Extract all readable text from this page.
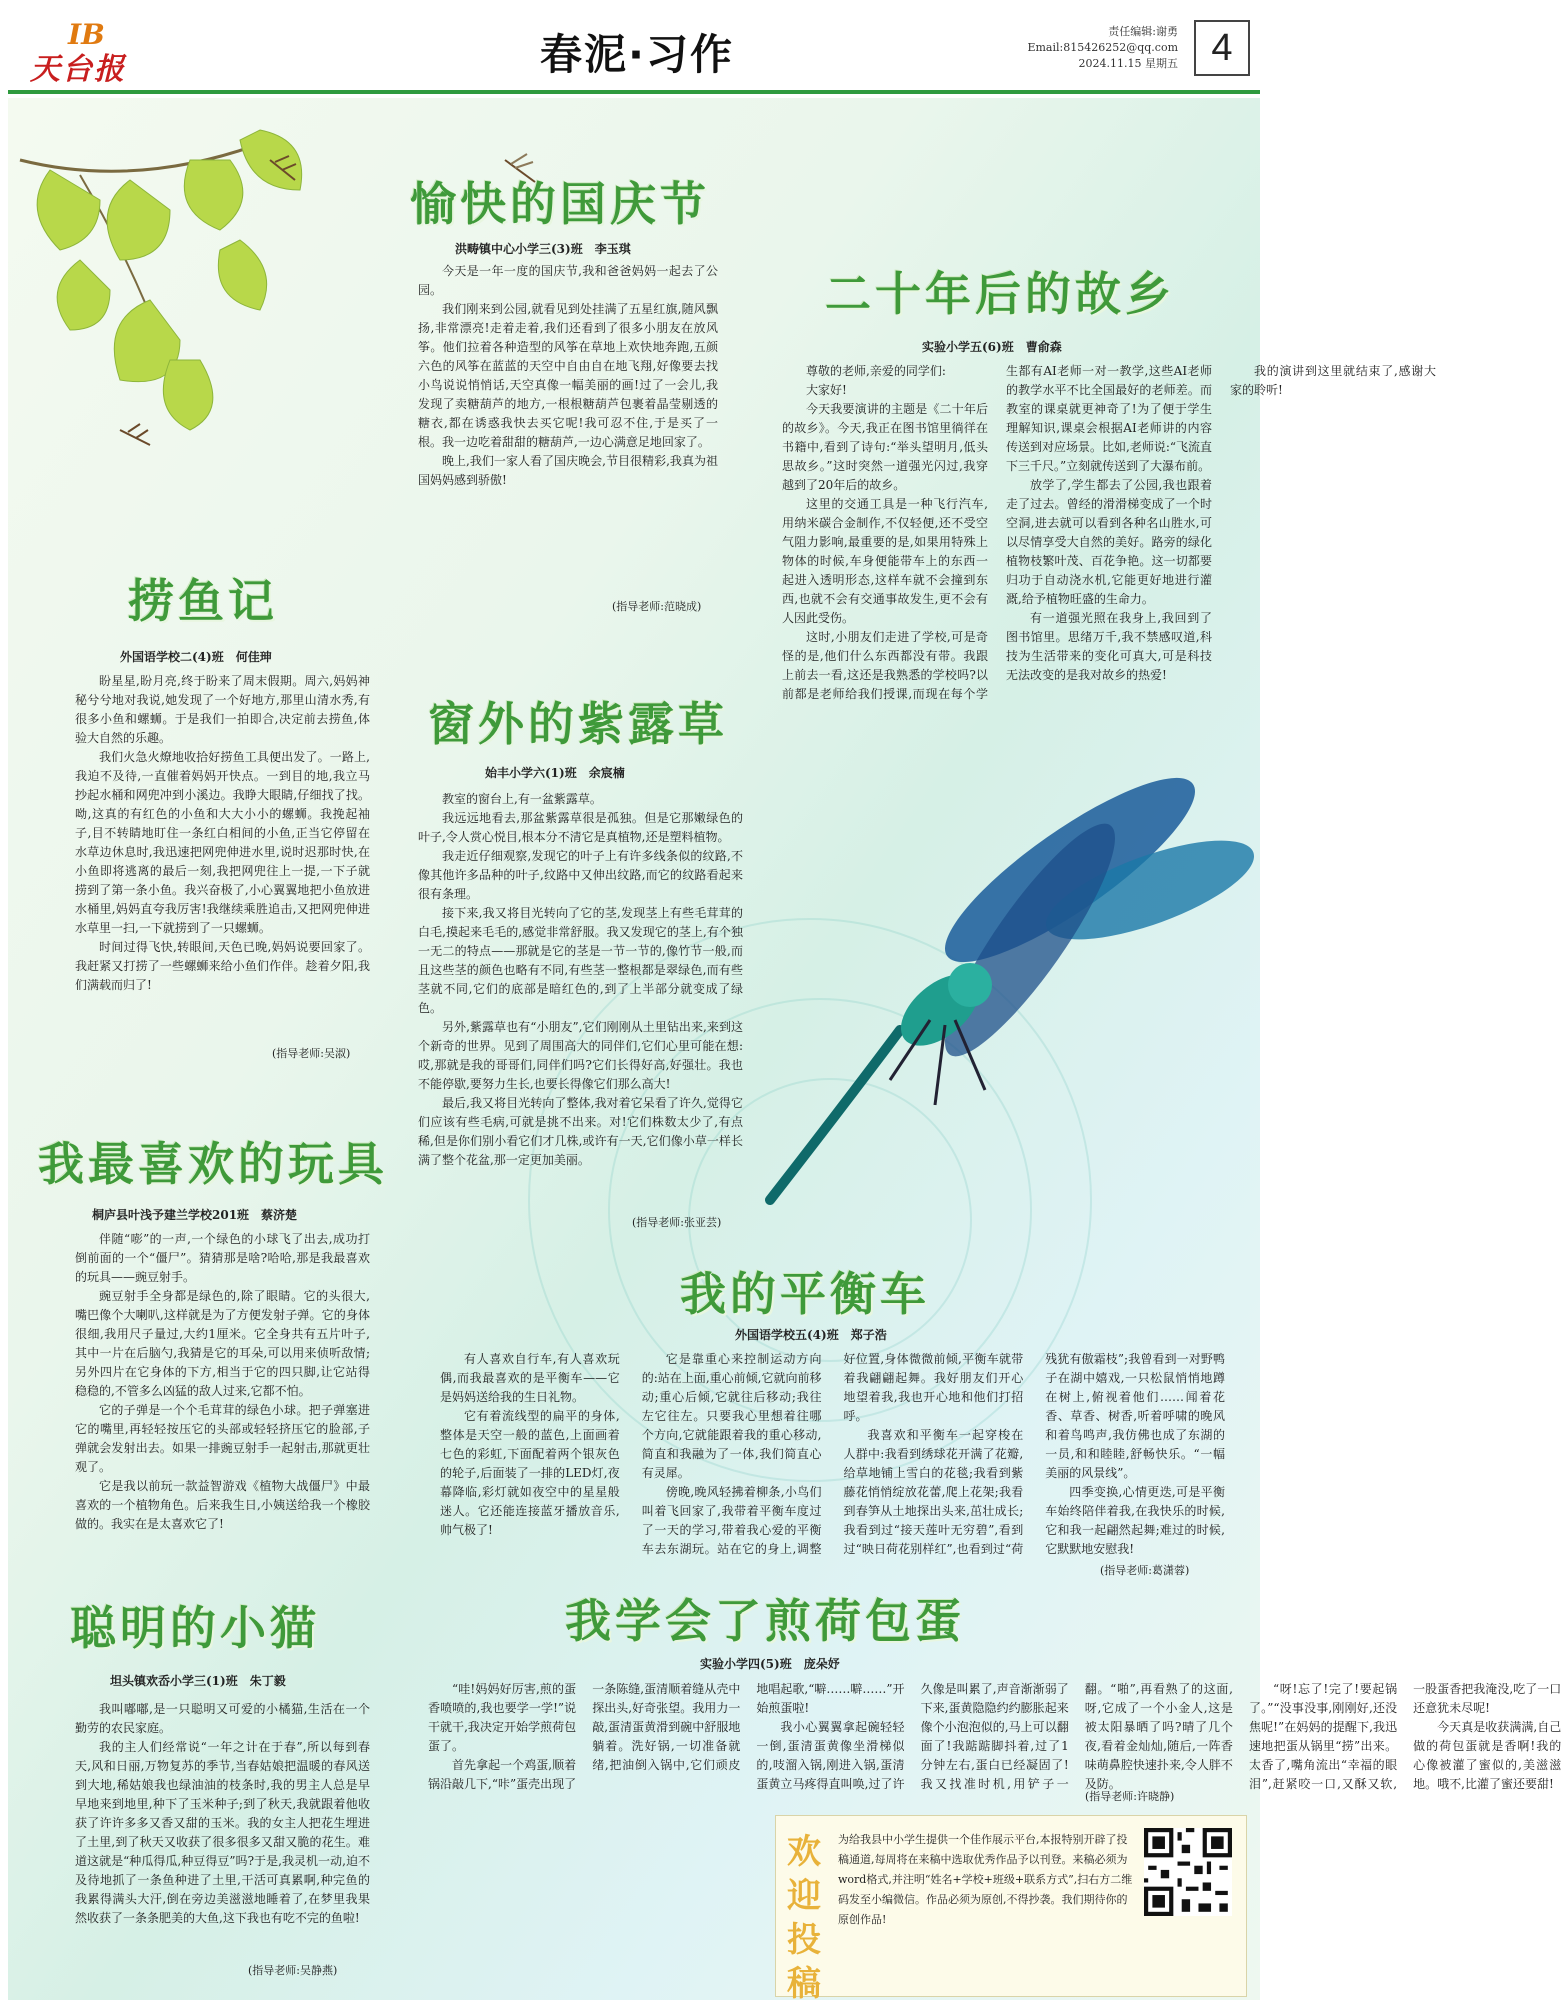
IB
天台报	春泥·习作	责任编辑:谢勇
Email:815426252@qq.com
2024.11.15 星期五 4
愉快的国庆节
洪畴镇中心小学三(3)班　李玉琪

今天是一年一度的国庆节,我和爸爸妈妈一起去了公园。

我们刚来到公园,就看见到处挂满了五星红旗,随风飘扬,非常漂亮!走着走着,我们还看到了很多小朋友在放风筝。他们拉着各种造型的风筝在草地上欢快地奔跑,五颜六色的风筝在蓝蓝的天空中自由自在地飞翔,好像要去找小鸟说说悄悄话,天空真像一幅美丽的画!过了一会儿,我发现了卖糖葫芦的地方,一根根糖葫芦包裹着晶莹剔透的糖衣,都在诱惑我快去买它呢!我可忍不住,于是买了一根。我一边吃着甜甜的糖葫芦,一边心满意足地回家了。

晚上,我们一家人看了国庆晚会,节目很精彩,我真为祖国妈妈感到骄傲!

(指导老师:范晓成)
二十年后的故乡
实验小学五(6)班　曹俞森

尊敬的老师,亲爱的同学们:

大家好!

今天我要演讲的主题是《二十年后的故乡》。今天,我正在图书馆里徜徉在书籍中,看到了诗句:“举头望明月,低头思故乡。”这时突然一道强光闪过,我穿越到了20年后的故乡。

这里的交通工具是一种飞行汽车,用纳米碳合金制作,不仅轻便,还不受空气阻力影响,最重要的是,如果用特殊上物体的时候,车身便能带车上的东西一起进入透明形态,这样车就不会撞到东西,也就不会有交通事故发生,更不会有人因此受伤。

这时,小朋友们走进了学校,可是奇怪的是,他们什么东西都没有带。我跟上前去一看,这还是我熟悉的学校吗?以前都是老师给我们授课,而现在每个学生都有AI老师一对一教学,这些AI老师的教学水平不比全国最好的老师差。而教室的课桌就更神奇了!为了便于学生理解知识,课桌会根据AI老师讲的内容传送到对应场景。比如,老师说:“飞流直下三千尺。”立刻就传送到了大瀑布前。

放学了,学生都去了公园,我也跟着走了过去。曾经的滑滑梯变成了一个时空洞,进去就可以看到各种名山胜水,可以尽情享受大自然的美好。路旁的绿化植物枝繁叶茂、百花争艳。这一切都要归功于自动浇水机,它能更好地进行灌溉,给予植物旺盛的生命力。

有一道强光照在我身上,我回到了图书馆里。思绪万千,我不禁感叹道,科技为生活带来的变化可真大,可是科技无法改变的是我对故乡的热爱!

我的演讲到这里就结束了,感谢大家的聆听!

捞鱼记
外国语学校二(4)班　何佳珅

盼星星,盼月亮,终于盼来了周末假期。周六,妈妈神秘兮兮地对我说,她发现了一个好地方,那里山清水秀,有很多小鱼和螺蛳。于是我们一拍即合,决定前去捞鱼,体验大自然的乐趣。

我们火急火燎地收拾好捞鱼工具便出发了。一路上,我迫不及待,一直催着妈妈开快点。一到目的地,我立马抄起水桶和网兜冲到小溪边。我睁大眼睛,仔细找了找。呦,这真的有红色的小鱼和大大小小的螺蛳。我挽起袖子,目不转睛地盯住一条红白相间的小鱼,正当它停留在水草边休息时,我迅速把网兜伸进水里,说时迟那时快,在小鱼即将逃离的最后一刻,我把网兜往上一提,一下子就捞到了第一条小鱼。我兴奋极了,小心翼翼地把小鱼放进水桶里,妈妈直夸我厉害!我继续乘胜追击,又把网兜伸进水草里一扫,一下就捞到了一只螺蛳。

时间过得飞快,转眼间,天色已晚,妈妈说要回家了。我赶紧又打捞了一些螺蛳来给小鱼们作伴。趁着夕阳,我们满载而归了!

(指导老师:吴淑)
窗外的紫露草
始丰小学六(1)班　余宸楠

教室的窗台上,有一盆紫露草。

我远远地看去,那盆紫露草很是孤独。但是它那嫩绿色的叶子,令人赏心悦目,根本分不清它是真植物,还是塑料植物。

我走近仔细观察,发现它的叶子上有许多线条似的纹路,不像其他许多品种的叶子,纹路中又伸出纹路,而它的纹路看起来很有条理。

接下来,我又将目光转向了它的茎,发现茎上有些毛茸茸的白毛,摸起来毛毛的,感觉非常舒服。我又发现它的茎上,有个独一无二的特点——那就是它的茎是一节一节的,像竹节一般,而且这些茎的颜色也略有不同,有些茎一整根都是翠绿色,而有些茎就不同,它们的底部是暗红色的,到了上半部分就变成了绿色。

另外,紫露草也有“小朋友”,它们刚刚从土里钻出来,来到这个新奇的世界。见到了周围高大的同伴们,它们心里可能在想:哎,那就是我的哥哥们,同伴们吗?它们长得好高,好强壮。我也不能停歇,要努力生长,也要长得像它们那么高大!

最后,我又将目光转向了整体,我对着它呆看了许久,觉得它们应该有些毛病,可就是挑不出来。对!它们株数太少了,有点稀,但是你们别小看它们才几株,或许有一天,它们像小草一样长满了整个花盆,那一定更加美丽。

(指导老师:张亚芸)
我最喜欢的玩具
桐庐县叶浅予建兰学校201班　蔡济楚

伴随“嘭”的一声,一个绿色的小球飞了出去,成功打倒前面的一个“僵尸”。猜猜那是啥?哈哈,那是我最喜欢的玩具——豌豆射手。

豌豆射手全身都是绿色的,除了眼睛。它的头很大,嘴巴像个大喇叭,这样就是为了方便发射子弹。它的身体很细,我用尺子量过,大约1厘米。它全身共有五片叶子,其中一片在后脑勺,我猜是它的耳朵,可以用来侦听敌情;另外四片在它身体的下方,相当于它的四只脚,让它站得稳稳的,不管多么凶猛的敌人过来,它都不怕。

它的子弹是一个个毛茸茸的绿色小球。把子弹塞进它的嘴里,再轻轻按压它的头部或轻轻挤压它的脸部,子弹就会发射出去。如果一排豌豆射手一起射击,那就更壮观了。

它是我以前玩一款益智游戏《植物大战僵尸》中最喜欢的一个植物角色。后来我生日,小姨送给我一个橡胶做的。我实在是太喜欢它了!

我的平衡车
外国语学校五(4)班　郑子浩

有人喜欢自行车,有人喜欢玩偶,而我最喜欢的是平衡车——它是妈妈送给我的生日礼物。

它有着流线型的扁平的身体,整体是天空一般的蓝色,上面画着七色的彩虹,下面配着两个银灰色的轮子,后面装了一排的LED灯,夜幕降临,彩灯就如夜空中的星星般迷人。它还能连接蓝牙播放音乐,帅气极了!

它是靠重心来控制运动方向的:站在上面,重心前倾,它就向前移动;重心后倾,它就往后移动;我往左它往左。只要我心里想着往哪个方向,它就能跟着我的重心移动,简直和我融为了一体,我们简直心有灵犀。

傍晚,晚风轻拂着柳条,小鸟们叫着飞回家了,我带着平衡车度过了一天的学习,带着我心爱的平衡车去东湖玩。站在它的身上,调整好位置,身体微微前倾,平衡车就带着我翩翩起舞。我好朋友们开心地望着我,我也开心地和他们打招呼。

我喜欢和平衡车一起穿梭在人群中:我看到绣球花开满了花瓣,给草地铺上雪白的花毯;我看到紫藤花悄悄绽放花蕾,爬上花架;我看到春笋从土地探出头来,茁壮成长;我看到过“接天莲叶无穷碧”,看到过“映日荷花别样红”,也看到过“荷残犹有傲霜枝”;我曾看到一对野鸭子在湖中嬉戏,一只松鼠悄悄地蹲在树上,俯视着他们……闻着花香、草香、树香,听着呼啸的晚风和着鸟鸣声,我仿佛也成了东湖的一员,和和睦睦,舒畅快乐。“一幅美丽的风景线”。

四季变换,心情更迭,可是平衡车始终陪伴着我,在我快乐的时候,它和我一起翩然起舞;难过的时候,它默默地安慰我!

(指导老师:葛潇蓉)
聪明的小猫
坦头镇欢岙小学三(1)班　朱丁毅

我叫嘟嘟,是一只聪明又可爱的小橘猫,生活在一个勤劳的农民家庭。

我的主人们经常说“一年之计在于春”,所以每到春天,风和日丽,万物复苏的季节,当春姑娘把温暖的春风送到大地,稀姑娘我也绿油油的枝条时,我的男主人总是早早地来到地里,种下了玉米种子;到了秋天,我就跟着他收获了许许多多又香又甜的玉米。我的女主人把花生埋进了土里,到了秋天又收获了很多很多又甜又脆的花生。难道这就是“种瓜得瓜,种豆得豆”吗?于是,我灵机一动,迫不及待地抓了一条鱼种进了土里,干活可真累啊,种完鱼的我累得满头大汗,倒在旁边美滋滋地睡着了,在梦里我果然收获了一条条肥美的大鱼,这下我也有吃不完的鱼啦!

(指导老师:吴静燕)
我学会了煎荷包蛋
实验小学四(5)班　庞朵妤

“哇!妈妈好厉害,煎的蛋香喷喷的,我也要学一学!”说干就干,我决定开始学煎荷包蛋了。

首先拿起一个鸡蛋,顺着锅沿敲几下,“咔”蛋壳出现了一条陈缝,蛋清顺着缝从壳中探出头,好奇张望。我用力一敲,蛋清蛋黄滑到碗中舒服地躺着。洗好锅,一切准备就绪,把油倒入锅中,它们顽皮地唱起歌,“噼……噼……”开始煎蛋啦!

我小心翼翼拿起碗轻轻一倒,蛋清蛋黄像坐滑梯似的,吱溜入锅,刚进入锅,蛋清蛋黄立马疼得直叫唤,过了许久像是叫累了,声音渐渐弱了下来,蛋黄隐隐约约膨胀起来像个小泡泡似的,马上可以翻面了!我踮踮脚抖着,过了1分钟左右,蛋白已经凝固了!我又找准时机,用铲子一翻。“啪”,再看熟了的这面,呀,它成了一个小金人,这是被太阳暴晒了吗?晴了几个夜,看着金灿灿,随后,一阵香味萌鼻腔快速扑来,令人胖不及防。

“呀!忘了!完了!要起锅了。”“没事没事,刚刚好,还没焦呢!”在妈妈的提醒下,我迅速地把蛋从锅里“捞”出来。太香了,嘴角流出“幸福的眼泪”,赶紧咬一口,又酥又软,一股蛋香把我淹没,吃了一口还意犹未尽呢!

今天真是收获满满,自己做的荷包蛋就是香啊!我的心像被灌了蜜似的,美滋滋地。哦不,比灌了蜜还要甜!

(指导老师:许晓静)
欢迎投稿
为给我县中小学生提供一个佳作展示平台,本报特别开辟了投稿通道,每周将在来稿中选取优秀作品予以刊登。来稿必须为word格式,并注明“姓名+学校+班级+联系方式”,扫右方二维码发至小编微信。作品必须为原创,不得抄袭。我们期待你的原创作品!
